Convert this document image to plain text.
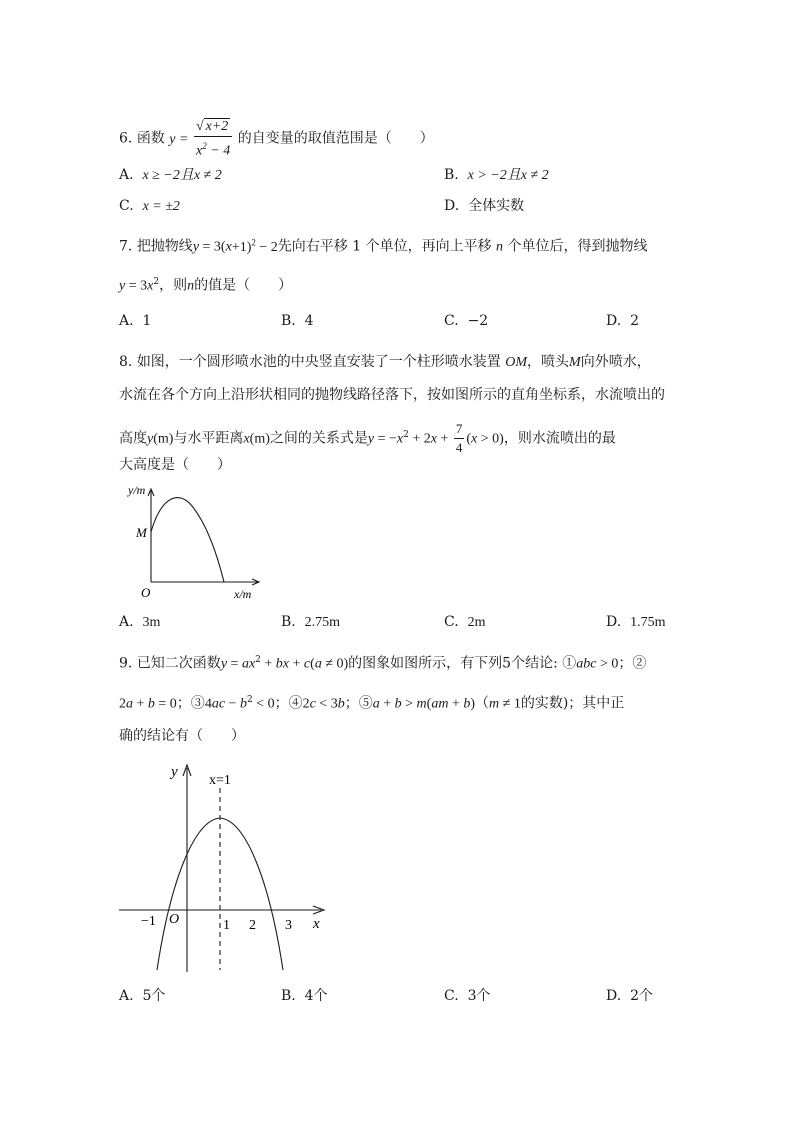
6. 函数 $y = \frac{√ x+2}{x^2 - 4}$ 的自变量的取值范围是（　　）
A. x ≥ −2且x ≠ 2	B. x > −2且x ≠ 2
C. x = ±2	D. 全体实数
7. 把抛物线$y = 3(x+1)^2 - 2$先向右平移 1 个单位，再向上平移 n 个单位后，得到抛物线
$y = 3x^2$，则n的值是（　　）
A. 1	B. 4	C. −2	D. 2
8. 如图，一个圆形喷水池的中央竖直安装了一个柱形喷水装置 OM，喷头M向外喷水，
水流在各个方向上沿形状相同的抛物线路径落下，按如图所示的直角坐标系，水流喷出的
高度y(m)与水平距离x(m)之间的关系式是$y = -x^2 + 2x + \frac{7}{4} (x > 0)$，则水流喷出的最
大高度是（　　）
y/m
x/m
O
M
A. 3m	B. 2.75m	C. 2m	D. 1.75m
9. 已知二次函数$y = ax^2$ + bx + c(a ≠ 0)的图象如图所示，有下列5个结论: ①abc > 0；②
2a + b = 0；③4ac − $b^2 < 0$；④2c < 3b；⑤a + b > m(am + b)（m ≠ 1的实数)；其中正
确的结论有（　　）
y
x
x=1
−1 O	1 2 3
A. 5个	B. 4个	C. 3个	D. 2个
